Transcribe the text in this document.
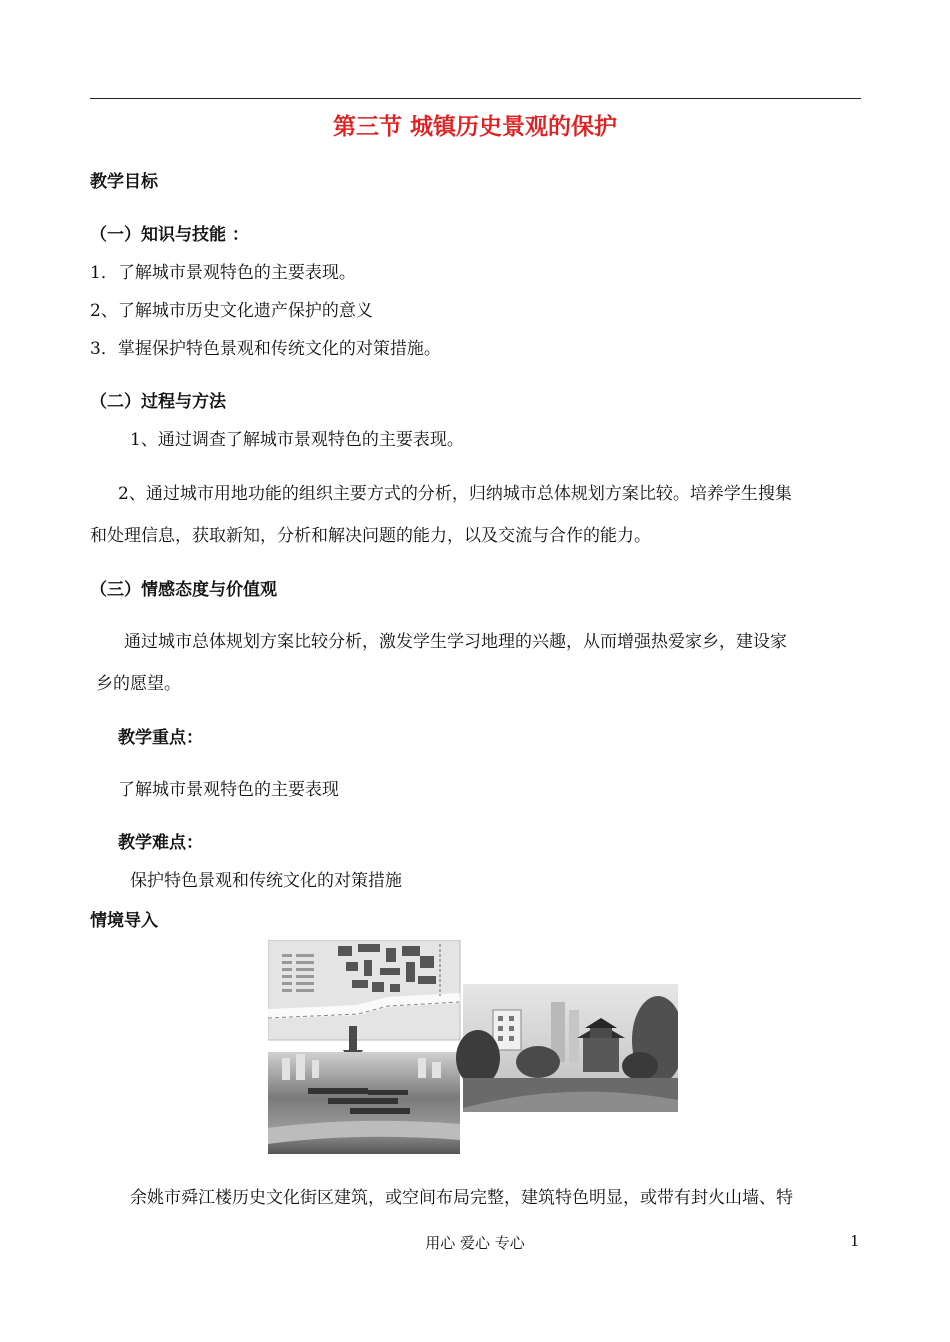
第三节 城镇历史景观的保护
教学目标
（一）知识与技能 ：
1．了解城市景观特色的主要表现。
2、了解城市历史文化遗产保护的意义
3．掌握保护特色景观和传统文化的对策措施。
（二）过程与方法
1、通过调查了解城市景观特色的主要表现。
2、通过城市用地功能的组织主要方式的分析，归纳城市总体规划方案比较。培养学生搜集
和处理信息，获取新知，分析和解决问题的能力，以及交流与合作的能力。
（三）情感态度与价值观
通过城市总体规划方案比较分析，激发学生学习地理的兴趣，从而增强热爱家乡，建设家
乡的愿望。
教学重点：
了解城市景观特色的主要表现
教学难点：
保护特色景观和传统文化的对策措施
情境导入
余姚市舜江楼历史文化街区建筑，或空间布局完整，建筑特色明显，或带有封火山墙、特
用心 爱心 专心	1
